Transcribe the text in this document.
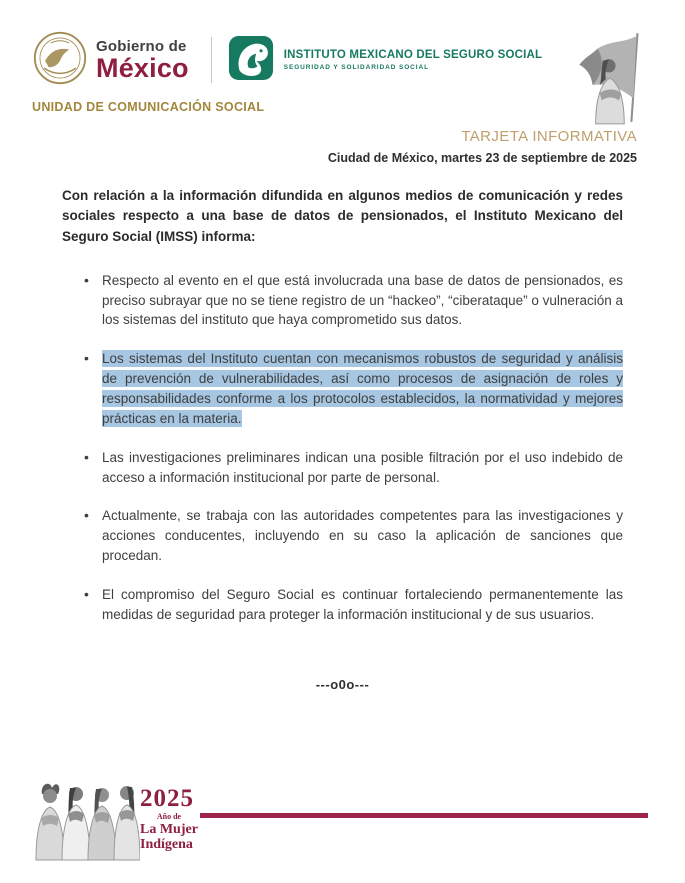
Gobierno de
México	INSTITUTO MEXICANO DEL SEGURO SOCIAL
SEGURIDAD Y SOLIDARIDAD SOCIAL
UNIDAD DE COMUNICACIÓN SOCIAL
TARJETA INFORMATIVA
Ciudad de México, martes 23 de septiembre de 2025

Con relación a la información difundida en algunos medios de comunicación y redes sociales respecto a una base de datos de pensionados, el Instituto Mexicano del Seguro Social (IMSS) informa:

• Respecto al evento en el que está involucrada una base de datos de pensionados, es preciso subrayar que no se tiene registro de un “hackeo”, “ciberataque” o vulneración a los sistemas del instituto que haya comprometido sus datos.
• Los sistemas del Instituto cuentan con mecanismos robustos de seguridad y análisis de prevención de vulnerabilidades, así como procesos de asignación de roles y responsabilidades conforme a los protocolos establecidos, la normatividad y mejores prácticas en la materia.
• Las investigaciones preliminares indican una posible filtración por el uso indebido de acceso a información institucional por parte de personal.
• Actualmente, se trabaja con las autoridades competentes para las investigaciones y acciones conducentes, incluyendo en su caso la aplicación de sanciones que procedan.
• El compromiso del Seguro Social es continuar fortaleciendo permanentemente las medidas de seguridad para proteger la información institucional y de sus usuarios.
---o0o---
2025
Año de
La Mujer
Indígena
